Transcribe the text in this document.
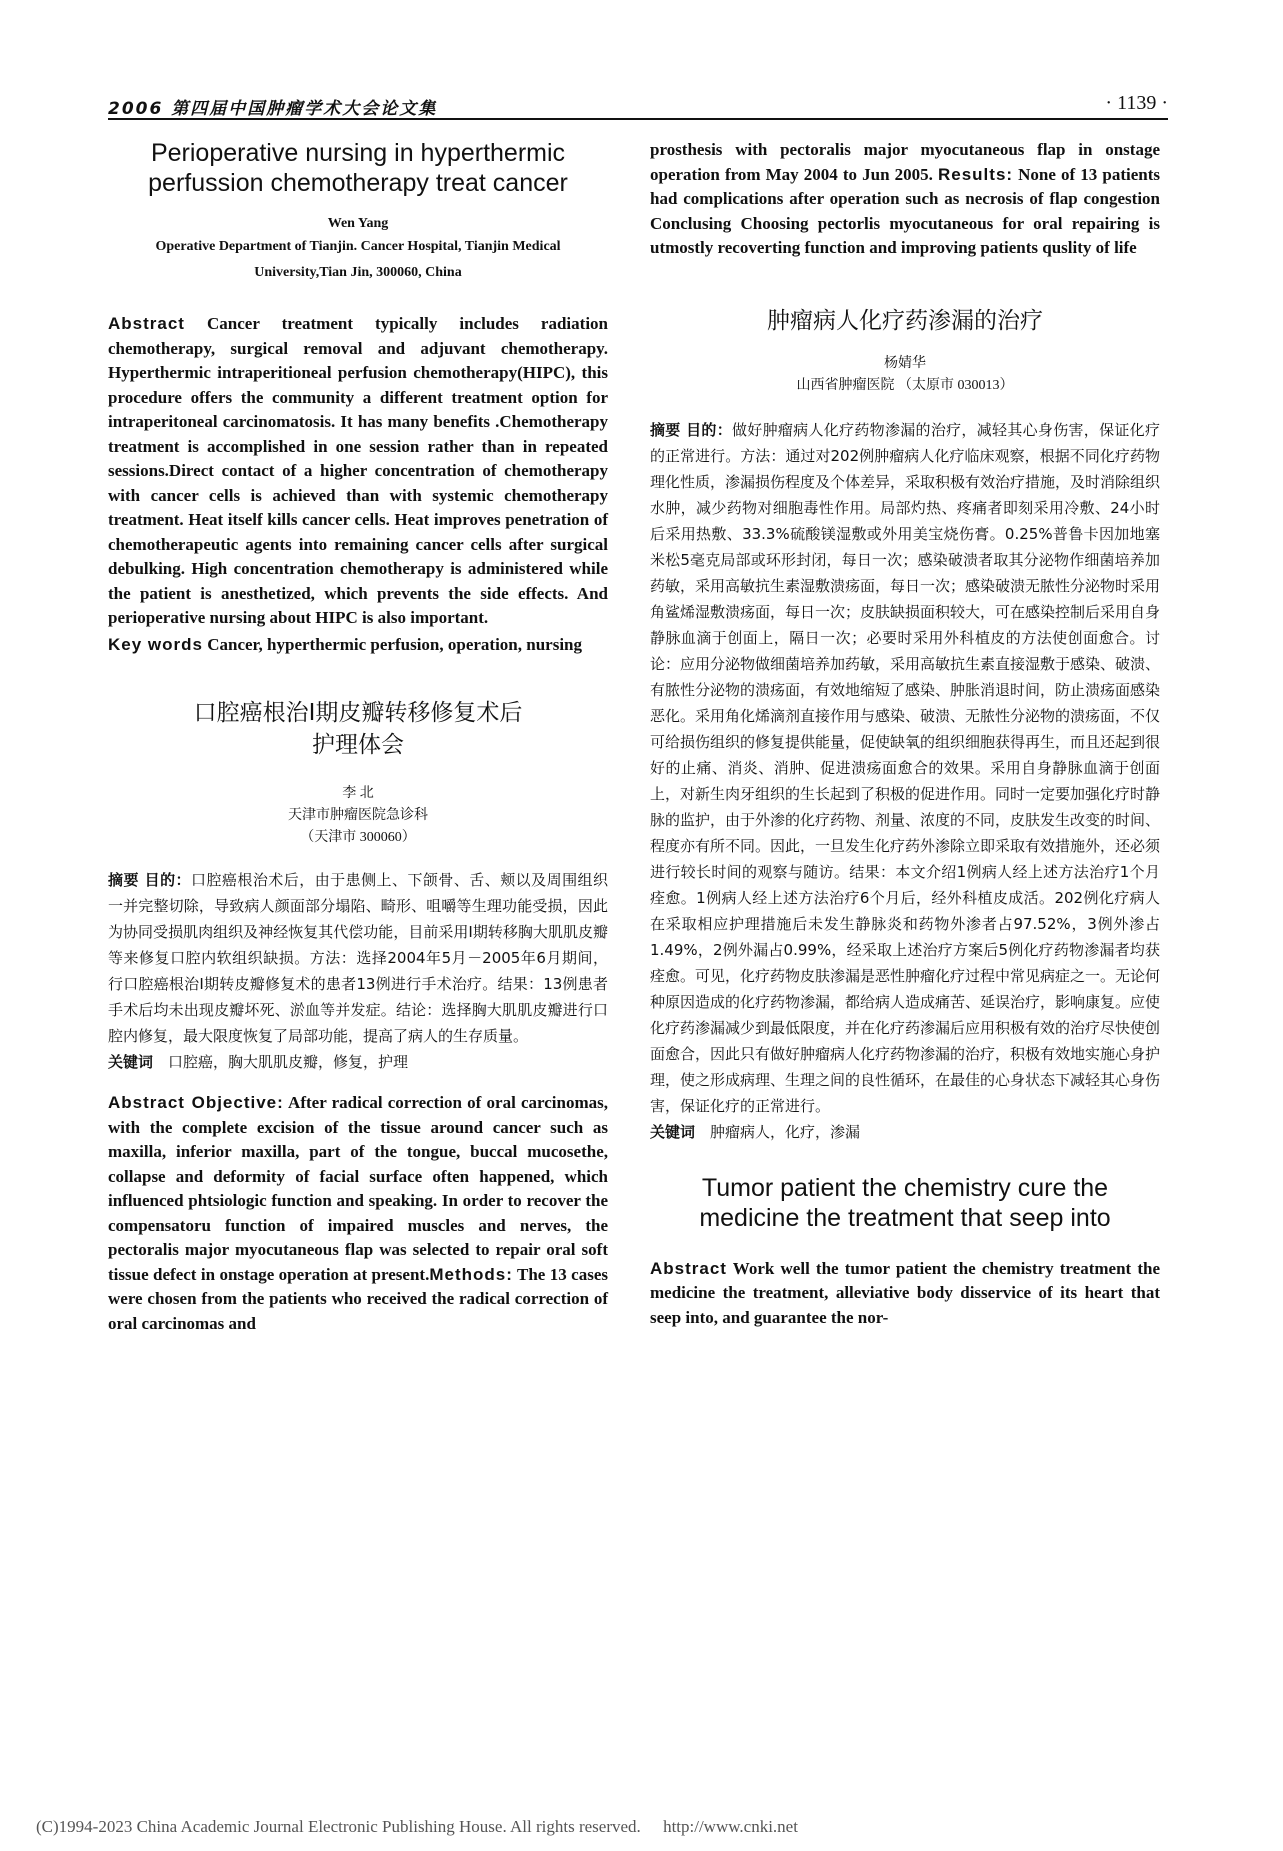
2006 第四届中国肿瘤学术大会论文集	· 1139 ·
Perioperative nursing in hyperthermic
perfussion chemotherapy treat cancer
Wen Yang
Operative Department of Tianjin. Cancer Hospital, Tianjin Medical
University,Tian Jin, 300060, China

Abstract Cancer treatment typically includes radiation chemotherapy, surgical removal and adjuvant chemotherapy. Hyperthermic intraperitioneal perfusion chemotherapy(HIPC), this procedure offers the community a different treatment option for intraperitoneal carcinomatosis. It has many benefits .Chemotherapy treatment is accomplished in one session rather than in repeated sessions.Direct contact of a higher concentration of chemotherapy with cancer cells is achieved than with systemic chemotherapy treatment. Heat itself kills cancer cells. Heat improves penetration of chemotherapeutic agents into remaining cancer cells after surgical debulking. High concentration chemotherapy is administered while the patient is anesthetized, which prevents the side effects. And perioperative nursing about HIPC is also important.

Key words Cancer, hyperthermic perfusion, operation, nursing

口腔癌根治Ⅰ期皮瓣转移修复术后
护理体会
李 北
天津市肿瘤医院急诊科
（天津市 300060）

摘要 目的：口腔癌根治术后，由于患侧上、下颌骨、舌、颊以及周围组织一并完整切除，导致病人颜面部分塌陷、畸形、咀嚼等生理功能受损，因此为协同受损肌肉组织及神经恢复其代偿功能，目前采用Ⅰ期转移胸大肌肌皮瓣等来修复口腔内软组织缺损。方法：选择2004年5月－2005年6月期间，行口腔癌根治Ⅰ期转皮瓣修复术的患者13例进行手术治疗。结果：13例患者手术后均未出现皮瓣坏死、淤血等并发症。结论：选择胸大肌肌皮瓣进行口腔内修复，最大限度恢复了局部功能，提高了病人的生存质量。

关键词　口腔癌，胸大肌肌皮瓣，修复，护理

Abstract Objective: After radical correction of oral carcinomas, with the complete excision of the tissue around cancer such as maxilla, inferior maxilla, part of the tongue, buccal mucosethe, collapse and deformity of facial surface often happened, which influenced phtsiologic function and speaking. In order to recover the compensatoru function of impaired muscles and nerves, the pectoralis major myocutaneous flap was selected to repair oral soft tissue defect in onstage operation at present.Methods: The 13 cases were chosen from the patients who received the radical correction of oral carcinomas and

prosthesis with pectoralis major myocutaneous flap in onstage operation from May 2004 to Jun 2005. Results: None of 13 patients had complications after operation such as necrosis of flap congestion Conclusing Choosing pectorlis myocutaneous for oral repairing is utmostly recoverting function and improving patients quslity of life

肿瘤病人化疗药渗漏的治疗
杨婧华
山西省肿瘤医院 （太原市 030013）

摘要 目的：做好肿瘤病人化疗药物渗漏的治疗，减轻其心身伤害，保证化疗的正常进行。方法：通过对202例肿瘤病人化疗临床观察，根据不同化疗药物理化性质，渗漏损伤程度及个体差异，采取积极有效治疗措施，及时消除组织水肿，减少药物对细胞毒性作用。局部灼热、疼痛者即刻采用冷敷、24小时后采用热敷、33.3%硫酸镁湿敷或外用美宝烧伤膏。0.25%普鲁卡因加地塞米松5毫克局部或环形封闭，每日一次；感染破溃者取其分泌物作细菌培养加药敏，采用高敏抗生素湿敷溃疡面，每日一次；感染破溃无脓性分泌物时采用角鲨烯湿敷溃疡面，每日一次；皮肤缺损面积较大，可在感染控制后采用自身静脉血滴于创面上，隔日一次；必要时采用外科植皮的方法使创面愈合。讨论：应用分泌物做细菌培养加药敏，采用高敏抗生素直接湿敷于感染、破溃、有脓性分泌物的溃疡面，有效地缩短了感染、肿胀消退时间，防止溃疡面感染恶化。采用角化烯滴剂直接作用与感染、破溃、无脓性分泌物的溃疡面，不仅可给损伤组织的修复提供能量，促使缺氧的组织细胞获得再生，而且还起到很好的止痛、消炎、消肿、促进溃疡面愈合的效果。采用自身静脉血滴于创面上，对新生肉牙组织的生长起到了积极的促进作用。同时一定要加强化疗时静脉的监护，由于外渗的化疗药物、剂量、浓度的不同，皮肤发生改变的时间、程度亦有所不同。因此，一旦发生化疗药外渗除立即采取有效措施外，还必须进行较长时间的观察与随访。结果：本文介绍1例病人经上述方法治疗1个月痊愈。1例病人经上述方法治疗6个月后，经外科植皮成活。202例化疗病人在采取相应护理措施后未发生静脉炎和药物外渗者占97.52%，3例外渗占1.49%，2例外漏占0.99%，经采取上述治疗方案后5例化疗药物渗漏者均获痊愈。可见，化疗药物皮肤渗漏是恶性肿瘤化疗过程中常见病症之一。无论何种原因造成的化疗药物渗漏，都给病人造成痛苦、延误治疗，影响康复。应使化疗药渗漏减少到最低限度，并在化疗药渗漏后应用积极有效的治疗尽快使创面愈合，因此只有做好肿瘤病人化疗药物渗漏的治疗，积极有效地实施心身护理，使之形成病理、生理之间的良性循环，在最佳的心身状态下减轻其心身伤害，保证化疗的正常进行。

关键词　肿瘤病人，化疗，渗漏

Tumor patient the chemistry cure the
medicine the treatment that seep into

Abstract Work well the tumor patient the chemistry treatment the medicine the treatment, alleviative body disservice of its heart that seep into, and guarantee the nor-

(C)1994-2023 China Academic Journal Electronic Publishing House. All rights reserved. http://www.cnki.net
